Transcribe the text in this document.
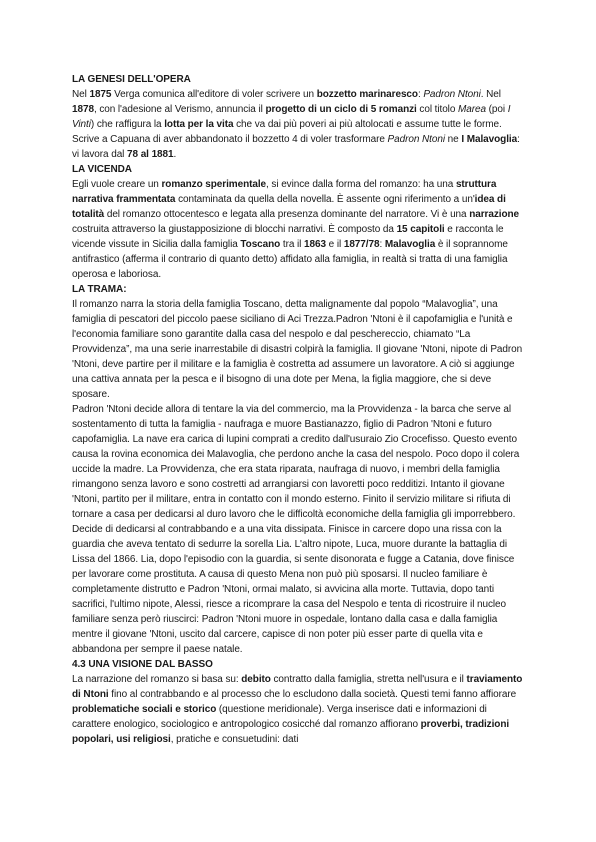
LA GENESI DELL'OPERA

Nel 1875 Verga comunica all'editore di voler scrivere un bozzetto marinaresco: Padron Ntoni. Nel 1878, con l'adesione al Verismo, annuncia il progetto di un ciclo di 5 romanzi col titolo Marea (poi I Vinti) che raffigura la lotta per la vita che va dai più poveri ai più altolocati e assume tutte le forme. Scrive a Capuana di aver abbandonato il bozzetto 4 di voler trasformare Padron Ntoni ne I Malavoglia: vi lavora dal 78 al 1881.

LA VICENDA

Egli vuole creare un romanzo sperimentale, si evince dalla forma del romanzo: ha una struttura narrativa frammentata contaminata da quella della novella. È assente ogni riferimento a un'idea di totalità del romanzo ottocentesco e legata alla presenza dominante del narratore. Vi è una narrazione costruita attraverso la giustapposizione di blocchi narrativi. È composto da 15 capitoli e racconta le vicende vissute in Sicilia dalla famiglia Toscano tra il 1863 e il 1877/78: Malavoglia è il soprannome antifrastico (afferma il contrario di quanto detto) affidato alla famiglia, in realtà si tratta di una famiglia operosa e laboriosa.

LA TRAMA:

Il romanzo narra la storia della famiglia Toscano, detta malignamente dal popolo “Malavoglia”, una famiglia di pescatori del piccolo paese siciliano di Aci Trezza.Padron 'Ntoni è il capofamiglia e l'unità e l'economia familiare sono garantite dalla casa del nespolo e dal peschereccio, chiamato “La Provvidenza”, ma una serie inarrestabile di disastri colpirà la famiglia. Il giovane 'Ntoni, nipote di Padron 'Ntoni, deve partire per il militare e la famiglia è costretta ad assumere un lavoratore. A ciò si aggiunge una cattiva annata per la pesca e il bisogno di una dote per Mena, la figlia maggiore, che si deve sposare.

Padron 'Ntoni decide allora di tentare la via del commercio, ma la Provvidenza - la barca che serve al sostentamento di tutta la famiglia - naufraga e muore Bastianazzo, figlio di Padron 'Ntoni e futuro capofamiglia. La nave era carica di lupini comprati a credito dall'usuraio Zio Crocefisso. Questo evento causa la rovina economica dei Malavoglia, che perdono anche la casa del nespolo. Poco dopo il colera uccide la madre. La Provvidenza, che era stata riparata, naufraga di nuovo, i membri della famiglia rimangono senza lavoro e sono costretti ad arrangiarsi con lavoretti poco redditizi. Intanto il giovane 'Ntoni, partito per il militare, entra in contatto con il mondo esterno. Finito il servizio militare si rifiuta di tornare a casa per dedicarsi al duro lavoro che le difficoltà economiche della famiglia gli imporrebbero. Decide di dedicarsi al contrabbando e a una vita dissipata. Finisce in carcere dopo una rissa con la guardia che aveva tentato di sedurre la sorella Lia. L'altro nipote, Luca, muore durante la battaglia di Lissa del 1866. Lia, dopo l'episodio con la guardia, si sente disonorata e fugge a Catania, dove finisce per lavorare come prostituta. A causa di questo Mena non può più sposarsi. Il nucleo familiare è completamente distrutto e Padron 'Ntoni, ormai malato, si avvicina alla morte. Tuttavia, dopo tanti sacrifici, l'ultimo nipote, Alessi, riesce a ricomprare la casa del Nespolo e tenta di ricostruire il nucleo familiare senza però riuscirci: Padron 'Ntoni muore in ospedale, lontano dalla casa e dalla famiglia mentre il giovane 'Ntoni, uscito dal carcere, capisce di non poter più esser parte di quella vita e abbandona per sempre il paese natale.

4.3 UNA VISIONE DAL BASSO

La narrazione del romanzo si basa su: debito contratto dalla famiglia, stretta nell'usura e il traviamento di Ntoni fino al contrabbando e al processo che lo escludono dalla società. Questi temi fanno affiorare problematiche sociali e storico (questione meridionale). Verga inserisce dati e informazioni di carattere enologico, sociologico e antropologico cosicché dal romanzo affiorano proverbi, tradizioni popolari, usi religiosi, pratiche e consuetudini: dati
